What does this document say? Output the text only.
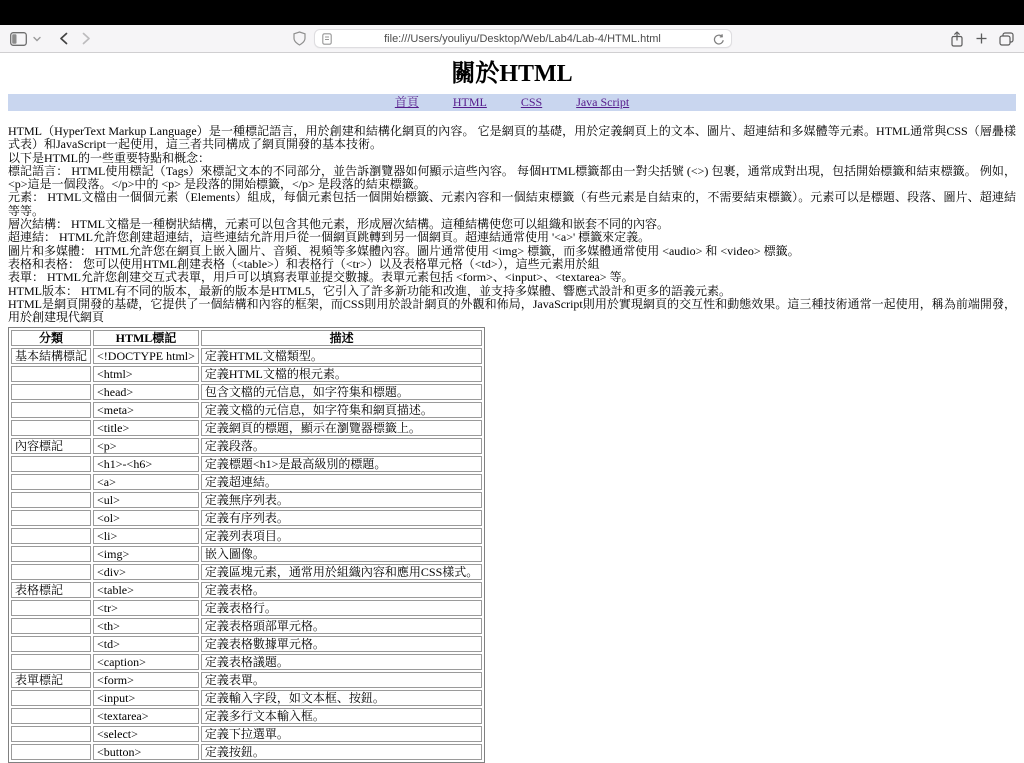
file:///Users/youliyu/Desktop/Web/Lab4/Lab-4/HTML.html
關於HTML
首頁	HTML	CSS	Java Script
HTML（HyperText Markup Language）是一種標記語言，用於創建和結構化網頁的內容。 它是網頁的基礎，用於定義網頁上的文本、圖片、超連結和多媒體等元素。HTML通常與CSS（層疊樣式表）和JavaScript一起使用，這三者共同構成了網頁開發的基本技術。
以下是HTML的一些重要特點和概念：
標記語言： HTML使用標記（Tags）來標記文本的不同部分，並告訴瀏覽器如何顯示這些內容。 每個HTML標籤都由一對尖括號 (<>) 包裹，通常成對出現，包括開始標籤和結束標籤。 例如，<p>這是一個段落。</p>中的 <p> 是段落的開始標籤，</p> 是段落的結束標籤。
元素： HTML文檔由一個個元素（Elements）組成，每個元素包括一個開始標籤、元素內容和一個結束標籤（有些元素是自結束的，不需要結束標籤）。元素可以是標題、段落、圖片、超連結等等。
層次結構： HTML文檔是一種樹狀結構，元素可以包含其他元素，形成層次結構。這種結構使您可以組織和嵌套不同的內容。
超連結： HTML允許您創建超連結，這些連結允許用戶從一個網頁跳轉到另一個網頁。超連結通常使用 '<a>' 標籤來定義。
圖片和多媒體： HTML允許您在網頁上嵌入圖片、音頻、視頻等多媒體內容。圖片通常使用 <img> 標籤，而多媒體通常使用 <audio> 和 <video> 標籤。
表格和表格： 您可以使用HTML創建表格（<table>）和表格行（<tr>）以及表格單元格（<td>），這些元素用於組
表單： HTML允許您創建交互式表單，用戶可以填寫表單並提交數據。表單元素包括 <form>、<input>、<textarea> 等。
HTML版本： HTML有不同的版本，最新的版本是HTML5，它引入了許多新功能和改進，並支持多媒體、響應式設計和更多的語義元素。
HTML是網頁開發的基礎，它提供了一個結構和內容的框架，而CSS則用於設計網頁的外觀和佈局，JavaScript則用於實現網頁的交互性和動態效果。這三種技術通常一起使用，稱為前端開發，用於創建現代網頁
分類	HTML標記	描述
基本結構標記	<!DOCTYPE html>	定義HTML文檔類型。
	<html>	定義HTML文檔的根元素。
	<head>	包含文檔的元信息，如字符集和標題。
	<meta>	定義文檔的元信息，如字符集和網頁描述。
	<title>	定義網頁的標題，顯示在瀏覽器標籤上。
內容標記	<p>	定義段落。
	<h1>-<h6>	定義標題<h1>是最高級別的標題。
	<a>	定義超連結。
	<ul>	定義無序列表。
	<ol>	定義有序列表。
	<li>	定義列表項目。
	<img>	嵌入圖像。
	<div>	定義區塊元素，通常用於組織內容和應用CSS樣式。
表格標記	<table>	定義表格。
	<tr>	定義表格行。
	<th>	定義表格頭部單元格。
	<td>	定義表格數據單元格。
	<caption>	定義表格議題。
表單標記	<form>	定義表單。
	<input>	定義輸入字段，如文本框、按鈕。
	<textarea>	定義多行文本輸入框。
	<select>	定義下拉選單。
	<button>	定義按鈕。
